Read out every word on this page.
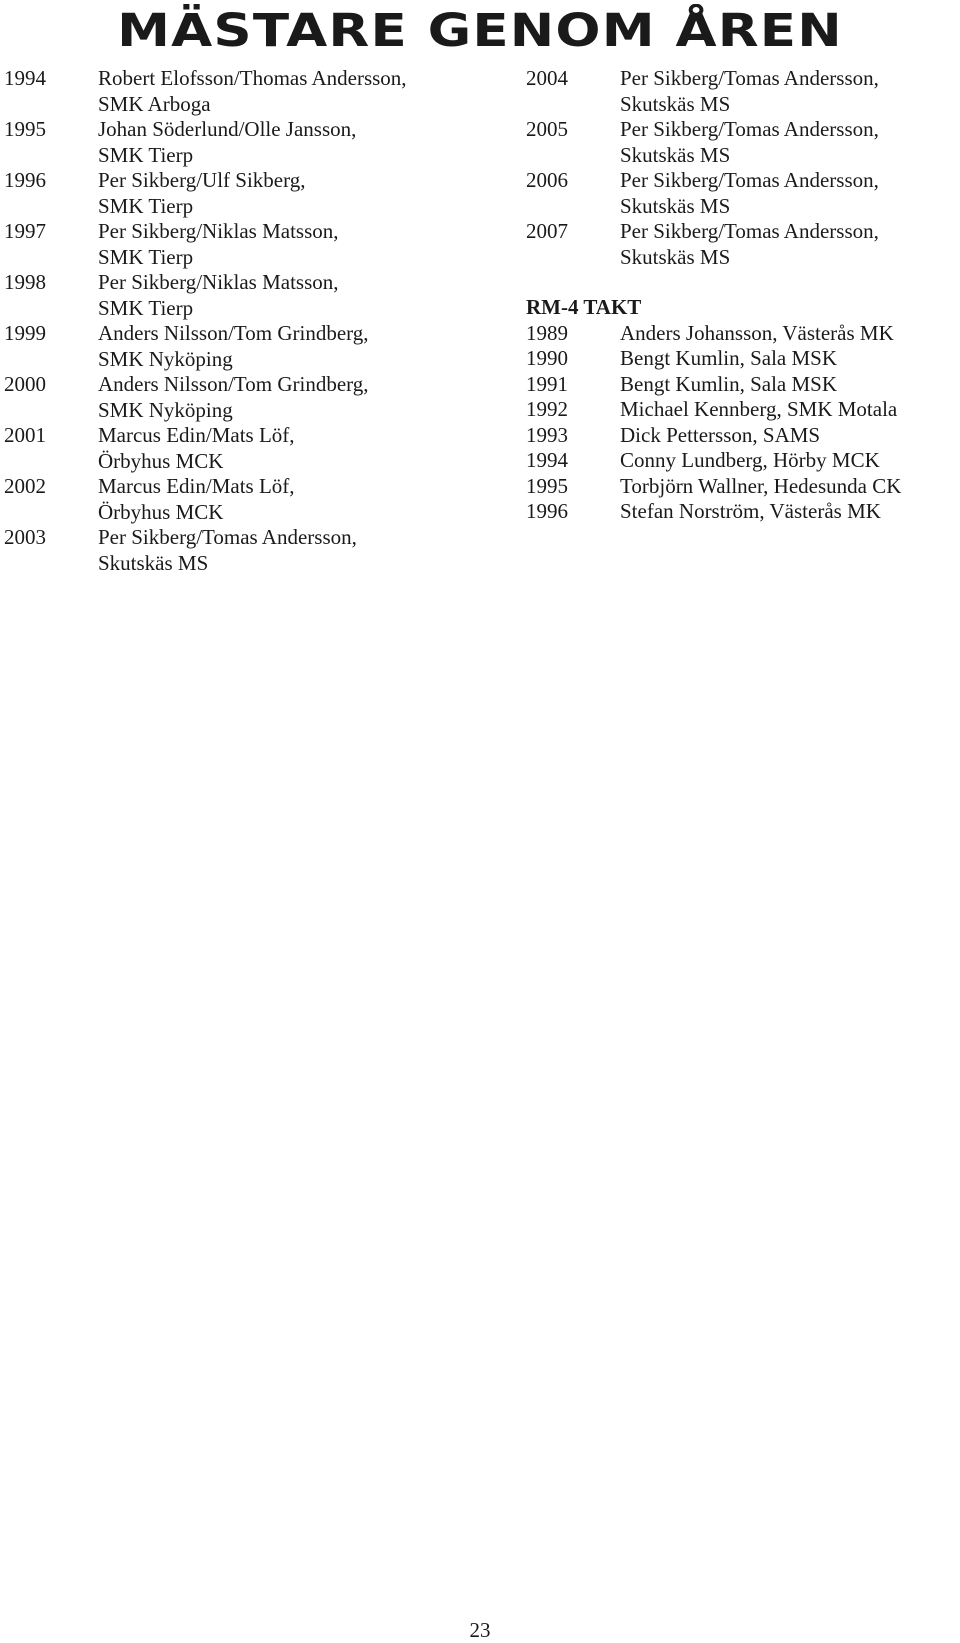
MÄSTARE GENOM ÅREN
1994	Robert Elofsson/Thomas Andersson,
SMK Arboga
1995	Johan Söderlund/Olle Jansson,
SMK Tierp
1996	Per Sikberg/Ulf Sikberg,
SMK Tierp
1997	Per Sikberg/Niklas Matsson,
SMK Tierp
1998	Per Sikberg/Niklas Matsson,
SMK Tierp
1999	Anders Nilsson/Tom Grindberg,
SMK Nyköping
2000	Anders Nilsson/Tom Grindberg,
SMK Nyköping
2001	Marcus Edin/Mats Löf,
Örbyhus MCK
2002	Marcus Edin/Mats Löf,
Örbyhus MCK
2003	Per Sikberg/Tomas Andersson,
Skutskäs MS
2004	Per Sikberg/Tomas Andersson,
Skutskäs MS
2005	Per Sikberg/Tomas Andersson,
Skutskäs MS
2006	Per Sikberg/Tomas Andersson,
Skutskäs MS
2007	Per Sikberg/Tomas Andersson,
Skutskäs MS
RM-4 TAKT
1989	Anders Johansson, Västerås MK
1990	Bengt Kumlin, Sala MSK
1991	Bengt Kumlin, Sala MSK
1992	Michael Kennberg, SMK Motala
1993	Dick Pettersson, SAMS
1994	Conny Lundberg, Hörby MCK
1995	Torbjörn Wallner, Hedesunda CK
1996	Stefan Norström, Västerås MK
23
